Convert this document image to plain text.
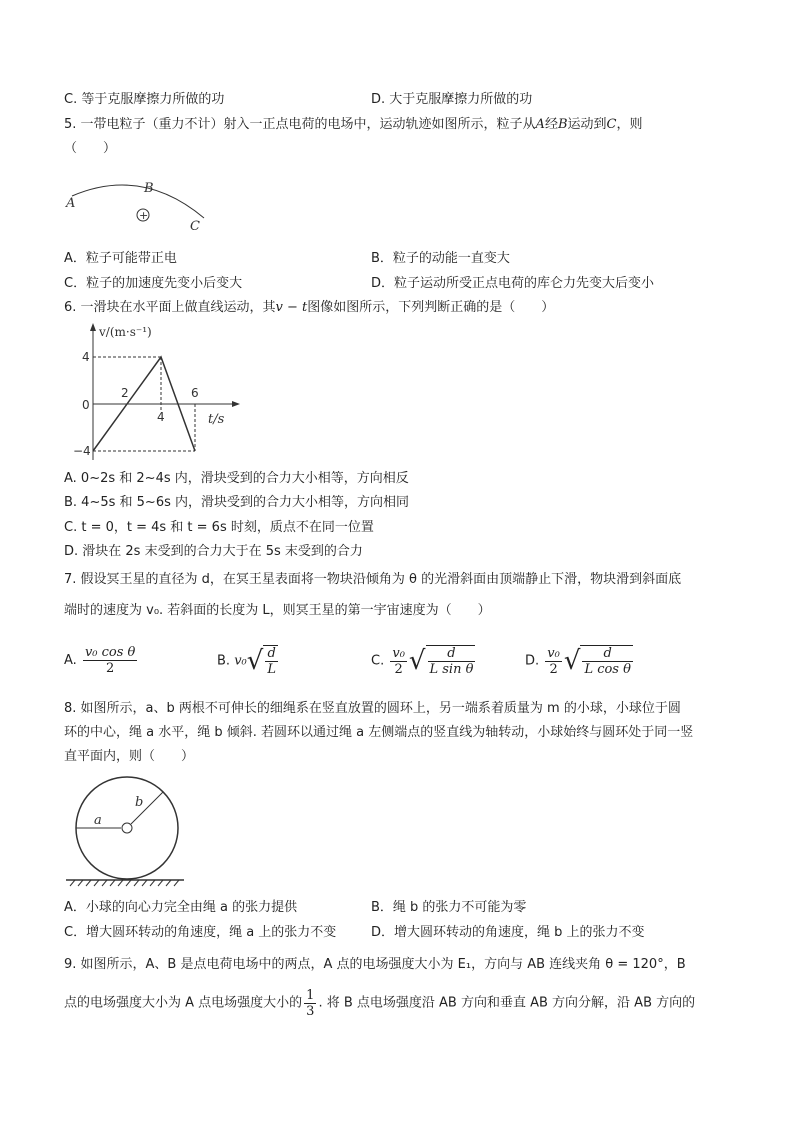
C. 等于克服摩擦力所做的功	D. 大于克服摩擦力所做的功
5. 一带电粒子（重力不计）射入一正点电荷的电场中，运动轨迹如图所示，粒子从A经B运动到C，则
（　　）
A
B
C
+
A．粒子可能带正电	B．粒子的动能一直变大
C．粒子的加速度先变小后变大	D．粒子运动所受正点电荷的库仑力先变大后变小
6. 一滑块在水平面上做直线运动，其v − t图像如图所示，下列判断正确的是（　　）
v/(m·s⁻¹)
t/s
4
0
−4
2
4
6
A. 0~2s 和 2~4s 内，滑块受到的合力大小相等，方向相反
B. 4~5s 和 5~6s 内，滑块受到的合力大小相等，方向相同
C. t = 0，t = 4s 和 t = 6s 时刻，质点不在同一位置
D. 滑块在 2s 末受到的合力大于在 5s 末受到的合力
7. 假设冥王星的直径为 d，在冥王星表面将一物块沿倾角为 θ 的光滑斜面由顶端静止下滑，物块滑到斜面底
端时的速度为 v₀. 若斜面的长度为 L，则冥王星的第一宇宙速度为（　　）
A. $\frac{\text{v₀ cos θ}}{2}$	B. $v_0√ \frac{d}{L}$	C. $\frac{\text{v₀}}{2}$ √ $\frac{d}{\text{L sin θ}}$	D. $\frac{\text{v₀}}{2}$ √ $\frac{d}{\text{L cos θ}}$
8. 如图所示，a、b 两根不可伸长的细绳系在竖直放置的圆环上，另一端系着质量为 m 的小球，小球位于圆
环的中心，绳 a 水平，绳 b 倾斜. 若圆环以通过绳 a 左侧端点的竖直线为轴转动，小球始终与圆环处于同一竖
直平面内，则（　　）
a
b
A．小球的向心力完全由绳 a 的张力提供	B．绳 b 的张力不可能为零
C．增大圆环转动的角速度，绳 a 上的张力不变	D．增大圆环转动的角速度，绳 b 上的张力不变
9. 如图所示，A、B 是点电荷电场中的两点，A 点的电场强度大小为 E₁，方向与 AB 连线夹角 θ = 120°，B
点的电场强度大小为 A 点电场强度大小的 $\frac{1}{3}$ . 将 B 点电场强度沿 AB 方向和垂直 AB 方向分解，沿 AB 方向的
